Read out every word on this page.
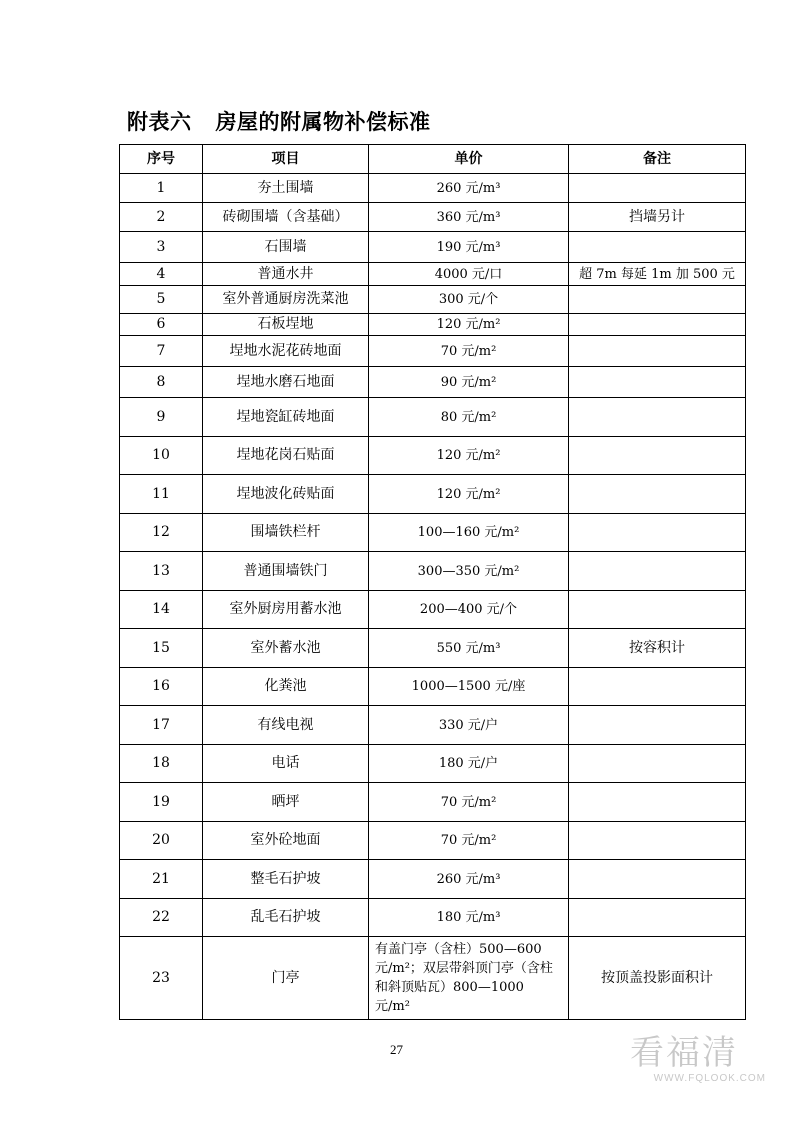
附表六 房屋的附属物补偿标准
序号	项目	单价	备注
1	夯土围墙	260 元/m³	
2	砖砌围墙（含基础）	360 元/m³	挡墙另计
3	石围墙	190 元/m³	
4	普通水井	4000 元/口	超 7m 每延 1m 加 500 元
5	室外普通厨房洗菜池	300 元/个	
6	石板埕地	120 元/m²	
7	埕地水泥花砖地面	70 元/m²	
8	埕地水磨石地面	90 元/m²	
9	埕地瓷缸砖地面	80 元/m²	
10	埕地花岗石贴面	120 元/m²	
11	埕地波化砖贴面	120 元/m²	
12	围墙铁栏杆	100—160 元/m²	
13	普通围墙铁门	300—350 元/m²	
14	室外厨房用蓄水池	200—400 元/个	
15	室外蓄水池	550 元/m³	按容积计
16	化粪池	1000—1500 元/座	
17	有线电视	330 元/户	
18	电话	180 元/户	
19	晒坪	70 元/m²	
20	室外砼地面	70 元/m²	
21	整毛石护坡	260 元/m³	
22	乱毛石护坡	180 元/m³	
23	门亭	有盖门亭（含柱）500—600 元/m²；双层带斜顶门亭（含柱和斜顶贴瓦）800—1000 元/m²	按顶盖投影面积计
27	看福清
WWW.FQLOOK.COM
